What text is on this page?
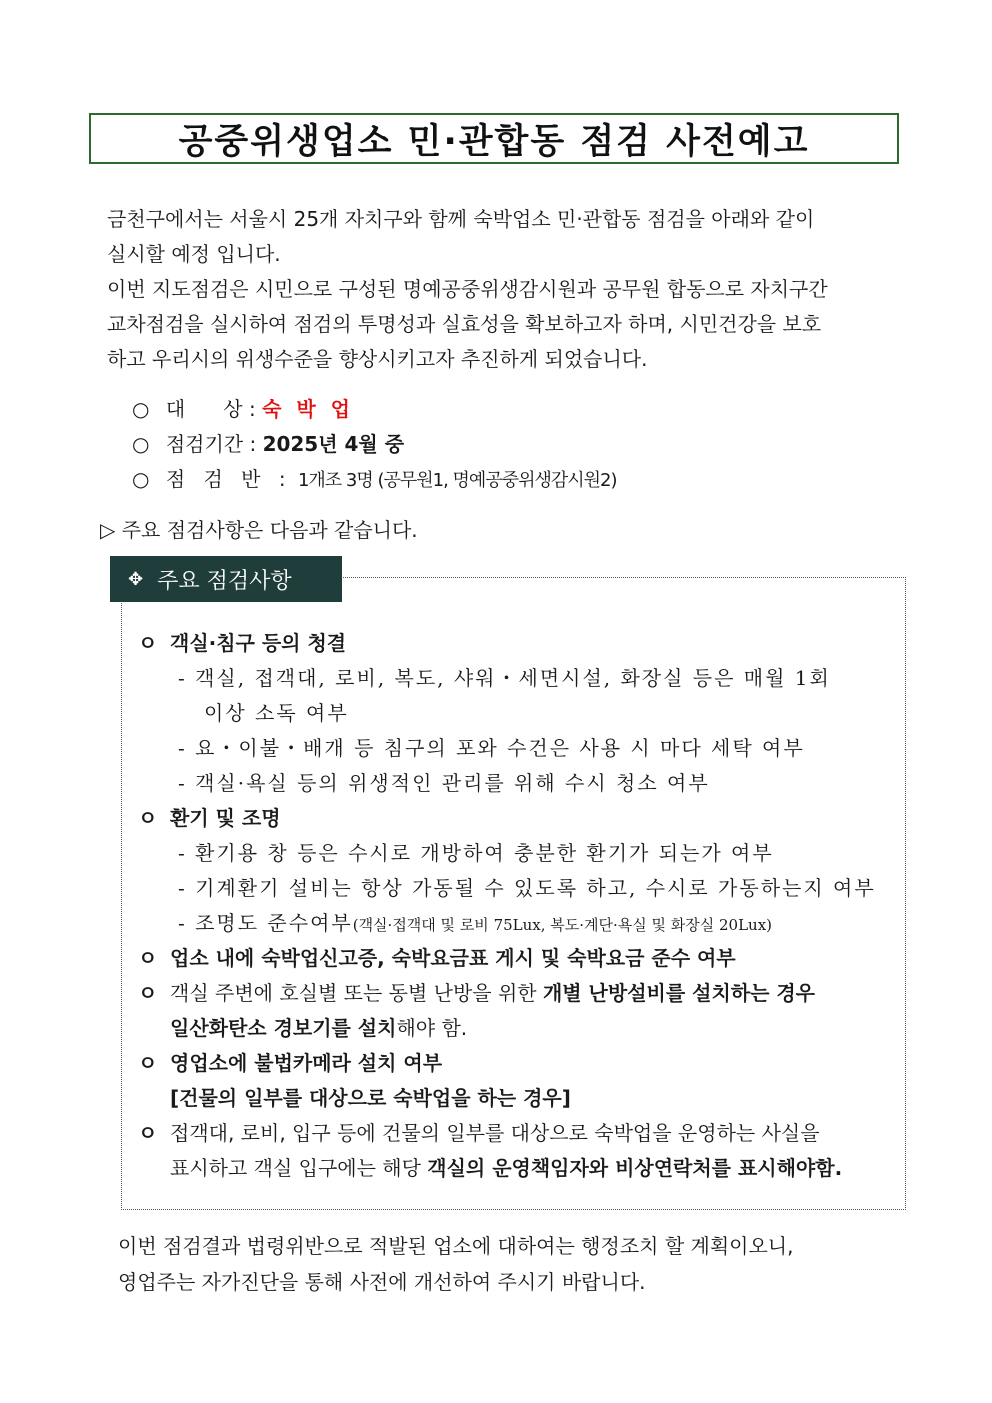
공중위생업소 민·관합동 점검 사전예고

금천구에서는 서울시 25개 자치구와 함께 숙박업소 민·관합동 점검을 아래와 같이

실시할 예정 입니다.

이번 지도점검은 시민으로 구성된 명예공중위생감시원과 공무원 합동으로 자치구간

교차점검을 실시하여 점검의 투명성과 실효성을 확보하고자 하며, 시민건강을 보호

하고 우리시의 위생수준을 향상시키고자 추진하게 되었습니다.

○ 대      상 : 숙 박 업
○ 점검기간 : 2025년 4월 중
○ 점 검 반 : 1개조 3명 (공무원1, 명예공중위생감시원2)
▷ 주요 점검사항은 다음과 같습니다.
✥ 주요 점검사항
ㅇ 객실·침구 등의 청결
- 객실, 접객대, 로비, 복도, 샤워・세면시설, 화장실 등은 매월 1회
이상 소독 여부
- 요・이불・배개 등 침구의 포와 수건은 사용 시 마다 세탁 여부
- 객실·욕실 등의 위생적인 관리를 위해 수시 청소 여부
ㅇ 환기 및 조명
- 환기용 창 등은 수시로 개방하여 충분한 환기가 되는가 여부
- 기계환기 설비는 항상 가동될 수 있도록 하고, 수시로 가동하는지 여부
- 조명도 준수여부(객실·접객대 및 로비 75Lux, 복도·계단·욕실 및 화장실 20Lux)
ㅇ 업소 내에 숙박업신고증, 숙박요금표 게시 및 숙박요금 준수 여부
ㅇ 객실 주변에 호실별 또는 동별 난방을 위한 개별 난방설비를 설치하는 경우
일산화탄소 경보기를 설치해야 함.
ㅇ 영업소에 불법카메라 설치 여부
[건물의 일부를 대상으로 숙박업을 하는 경우]
ㅇ 접객대, 로비, 입구 등에 건물의 일부를 대상으로 숙박업을 운영하는 사실을
표시하고 객실 입구에는 해당 객실의 운영책임자와 비상연락처를 표시해야함.

이번 점검결과 법령위반으로 적발된 업소에 대하여는 행정조치 할 계획이오니,

영업주는 자가진단을 통해 사전에 개선하여 주시기 바랍니다.
